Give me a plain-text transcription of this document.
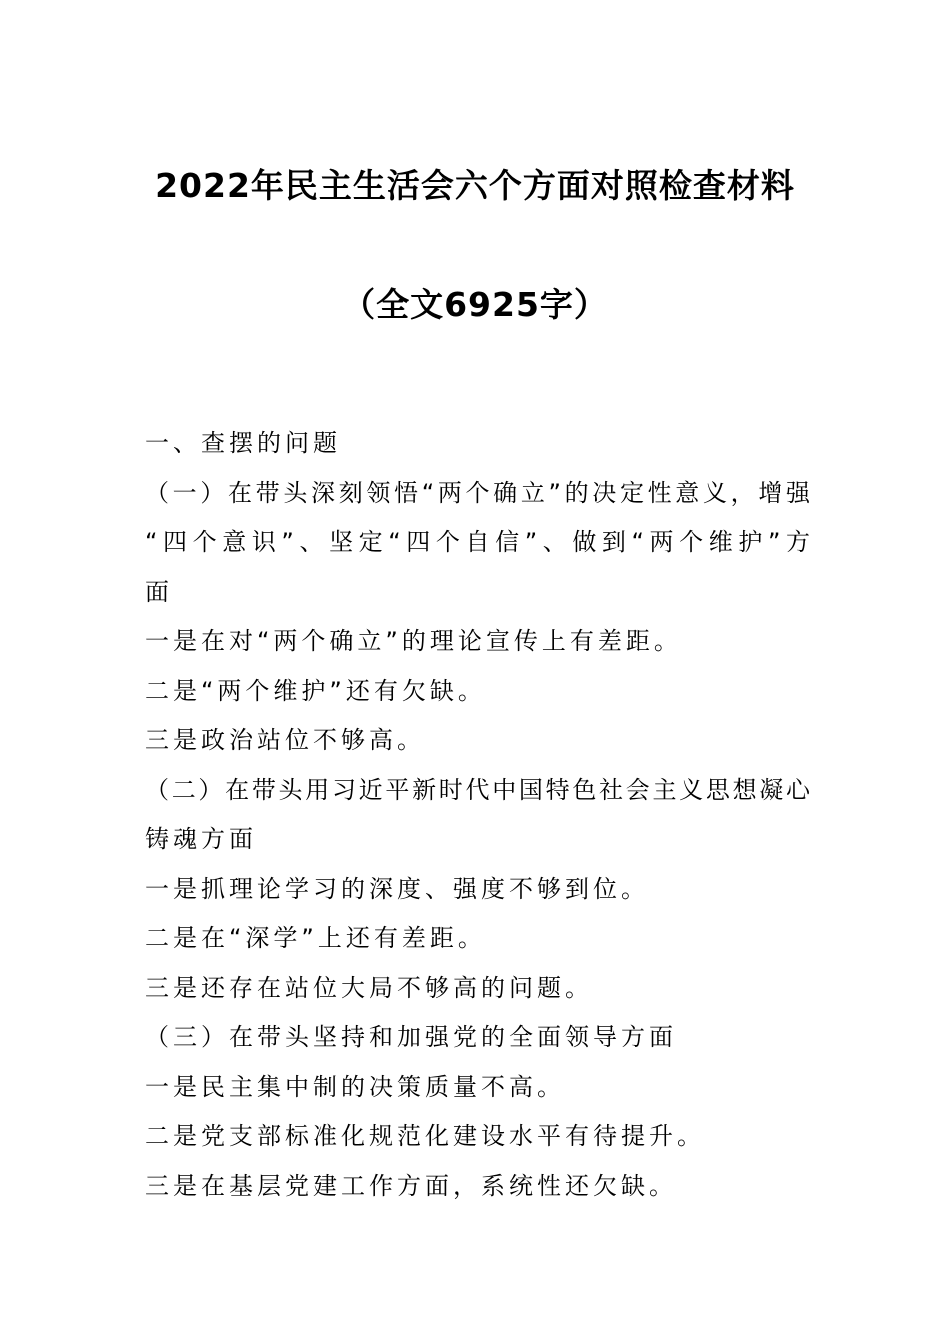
2022年民主生活会六个方面对照检查材料
（全文6925字）
一、查摆的问题
（一）在带头深刻领悟“两个确立”的决定性意义，增强
“四个意识”、坚定“四个自信”、做到“两个维护”方
面
一是在对“两个确立”的理论宣传上有差距。
二是“两个维护”还有欠缺。
三是政治站位不够高。
（二）在带头用习近平新时代中国特色社会主义思想凝心
铸魂方面
一是抓理论学习的深度、强度不够到位。
二是在“深学”上还有差距。
三是还存在站位大局不够高的问题。
（三）在带头坚持和加强党的全面领导方面
一是民主集中制的决策质量不高。
二是党支部标准化规范化建设水平有待提升。
三是在基层党建工作方面，系统性还欠缺。
